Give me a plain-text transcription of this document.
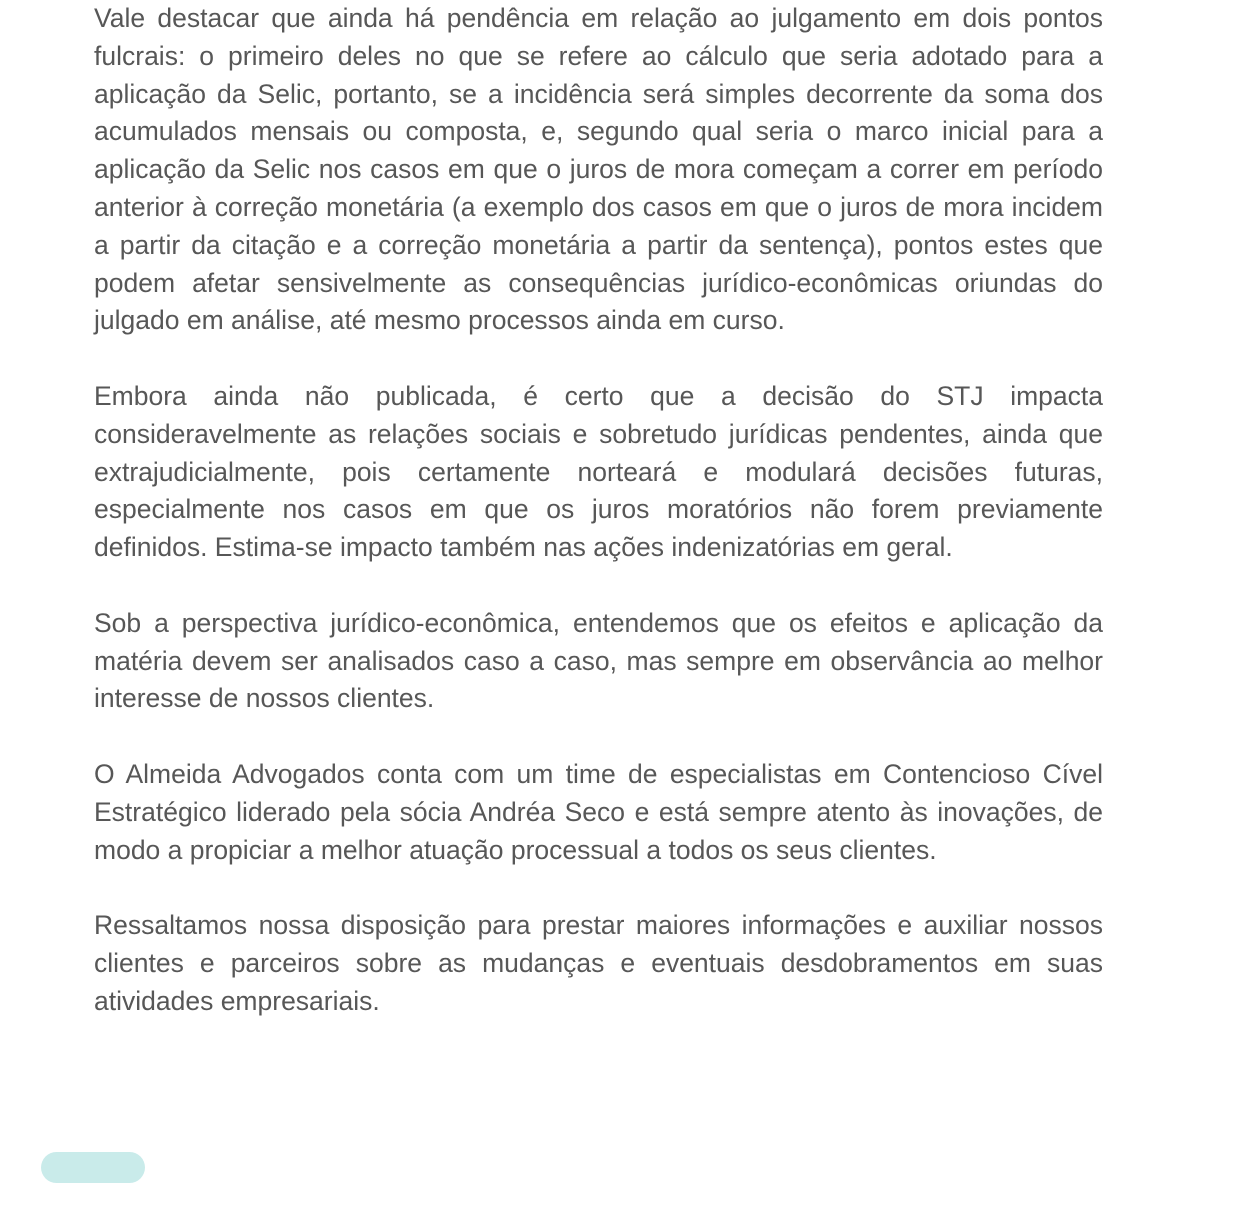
Vale destacar que ainda há pendência em relação ao julgamento em dois pontos fulcrais: o primeiro deles no que se refere ao cálculo que seria adotado para a aplicação da Selic, portanto, se a incidência será simples decorrente da soma dos acumulados mensais ou composta, e, segundo qual seria o marco inicial para a aplicação da Selic nos casos em que o juros de mora começam a correr em período anterior à correção monetária (a exemplo dos casos em que o juros de mora incidem a partir da citação e a correção monetária a partir da sentença), pontos estes que podem afetar sensivelmente as consequências jurídico-econômicas oriundas do julgado em análise, até mesmo processos ainda em curso.

Embora ainda não publicada, é certo que a decisão do STJ impacta consideravelmente as relações sociais e sobretudo jurídicas pendentes, ainda que extrajudicialmente, pois certamente norteará e modulará decisões futuras, especialmente nos casos em que os juros moratórios não forem previamente definidos. Estima-se impacto também nas ações indenizatórias em geral.

Sob a perspectiva jurídico-econômica, entendemos que os efeitos e aplicação da matéria devem ser analisados caso a caso, mas sempre em observância ao melhor interesse de nossos clientes.

O Almeida Advogados conta com um time de especialistas em Contencioso Cível Estratégico liderado pela sócia Andréa Seco e está sempre atento às inovações, de modo a propiciar a melhor atuação processual a todos os seus clientes.

Ressaltamos nossa disposição para prestar maiores informações e auxiliar nossos clientes e parceiros sobre as mudanças e eventuais desdobramentos em suas atividades empresariais.
